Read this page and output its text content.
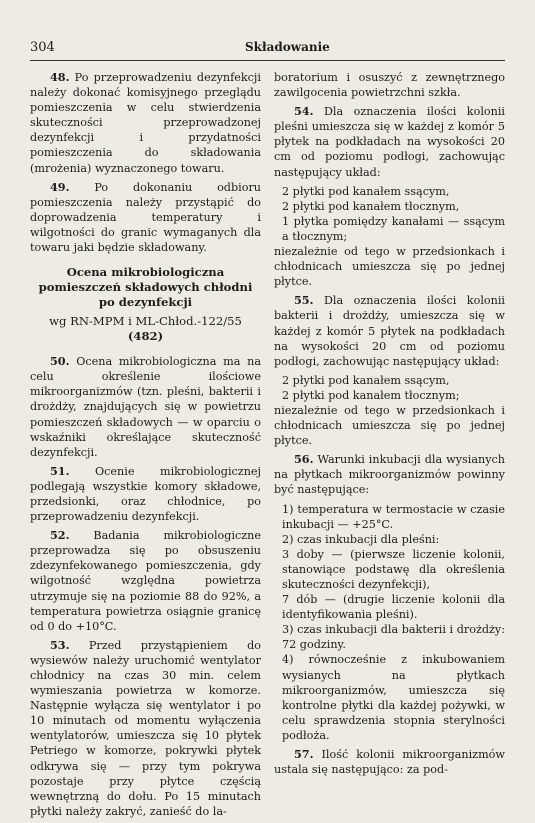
304	Składowanie

48. Po przeprowadzeniu dezynfekcji należy dokonać komisyjnego przeglądu pomieszczenia w celu stwierdzenia skuteczności przeprowadzonej dezynfekcji i przydatności pomieszczenia do składowania (mrożenia) wyznaczonego towaru.

49. Po dokonaniu odbioru pomieszczenia należy przystąpić do doprowadzenia temperatury i wilgotności do granic wymaganych dla towaru jaki będzie składowany.

Ocena mikrobiologiczna pomieszczeń składowych chłodni po dezynfekcji
wg RN-MPM i ML-Chłod.-122/55
(482)

50. Ocena mikrobiologiczna ma na celu określenie ilościowe mikroorganizmów (tzn. pleśni, bakterii i drożdży, znajdujących się w powietrzu pomieszczeń składowych — w oparciu o wskaźniki określające skuteczność dezynfekcji.

51. Ocenie mikrobiologicznej podlegają wszystkie komory składowe, przedsionki, oraz chłodnice, po przeprowadzeniu dezynfekcji.

52. Badania mikrobiologiczne przeprowadza się po obsuszeniu zdezynfekowanego pomieszczenia, gdy wilgotność względna powietrza utrzymuje się na poziomie 88 do 92%, a temperatura powietrza osiągnie granicę od 0 do +10°C.

53. Przed przystąpieniem do wysiewów należy uruchomić wentylator chłodnicy na czas 30 min. celem wymieszania powietrza w komorze. Następnie wyłącza się wentylator i po 10 minutach od momentu wyłączenia wentylatorów, umieszcza się 10 płytek Petriego w komorze, pokrywki płytek odkrywa się — przy tym pokrywa pozostaje przy płytce częścią wewnętrzną do dołu. Po 15 minutach płytki należy zakryć, zanieść do la-

boratorium i osuszyć z zewnętrznego zawilgocenia powietrzchni szkła.

54. Dla oznaczenia ilości kolonii pleśni umieszcza się w każdej z komór 5 płytek na podkładach na wysokości 20 cm od poziomu podłogi, zachowując następujący układ:

2 płytki pod kanałem ssącym,

2 płytki pod kanałem tłocznym,

1 płytka pomiędzy kanałami — ssącym a tłocznym;

niezależnie od tego w przedsionkach i chłodnicach umieszcza się po jednej płytce.

55. Dla oznaczenia ilości kolonii bakterii i drożdży, umieszcza się w każdej z komór 5 płytek na podkładach na wysokości 20 cm od poziomu podłogi, zachowując następujący układ:

2 płytki pod kanałem ssącym,

2 płytki pod kanałem tłocznym;

niezależnie od tego w przedsionkach i chłodnicach umieszcza się po jednej płytce.

56. Warunki inkubacji dla wysianych na płytkach mikroorganizmów powinny być następujące:

1) temperatura w termostacie w czasie inkubacji — +25°C.

2) czas inkubacji dla pleśni:

3 doby — (pierwsze liczenie kolonii, stanowiące podstawę dla określenia skuteczności dezynfekcji),

7 dób — (drugie liczenie kolonii dla identyfikowania pleśni).

3) czas inkubacji dla bakterii i drożdży: 72 godziny.

4) równocześnie z inkubowaniem wysianych na płytkach mikroorganizmów, umieszcza się kontrolne płytki dla każdej pożywki, w celu sprawdzenia stopnia sterylności podłoża.

57. Ilość kolonii mikroorganizmów ustala się następująco: za pod-
